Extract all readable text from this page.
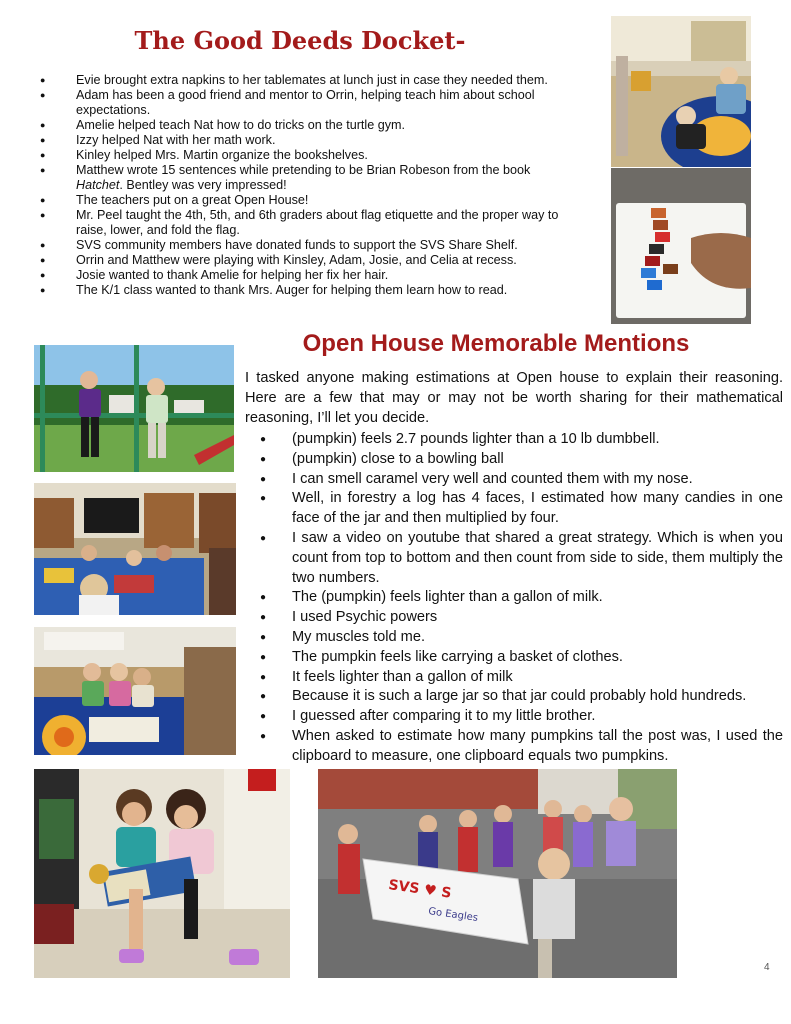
The Good Deeds Docket-
● Evie brought extra napkins to her tablemates at lunch just in case they needed them.
● Adam has been a good friend and mentor to Orrin, helping teach him about school expectations.
● Amelie helped teach Nat how to do tricks on the turtle gym.
● Izzy helped Nat with her math work.
● Kinley helped Mrs. Martin organize the bookshelves.
● Matthew wrote 15 sentences while pretending to be Brian Robeson from the book Hatchet. Bentley was very impressed!
● The teachers put on a great Open House!
● Mr. Peel taught the 4th, 5th, and 6th graders about flag etiquette and the proper way to raise, lower, and fold the flag.
● SVS community members have donated funds to support the SVS Share Shelf.
● Orrin and Matthew were playing with Kinsley, Adam, Josie, and Celia at recess.
● Josie wanted to thank Amelie for helping her fix her hair.
● The K/1 class wanted to thank Mrs. Auger for helping them learn how to read.
Open House Memorable Mentions
I tasked anyone making estimations at Open house to explain their reasoning. Here are a few that may or may not be worth sharing for their mathematical reasoning, I’ll let you decide.
● (pumpkin) feels 2.7 pounds lighter than a 10 lb dumbbell.
● (pumpkin) close to a bowling ball
● I can smell caramel very well and counted them with my nose.
● Well, in forestry a log has 4 faces, I estimated how many candies in one face of the jar and then multiplied by four.
● I saw a video on youtube that shared a great strategy. Which is when you count from top to bottom and then count from side to side, them multiply the two numbers.
● The (pumpkin) feels lighter than a gallon of milk.
● I used Psychic powers
● My muscles told me.
● The pumpkin feels like carrying a basket of clothes.
● It feels lighter than a gallon of milk
● Because it is such a large jar so that jar could probably hold hundreds.
● I guessed after comparing it to my little brother.
● When asked to estimate how many pumpkins tall the post was, I used the clipboard to measure, one clipboard equals two pumpkins.
SVS ♥ S
Go Eagles
4
